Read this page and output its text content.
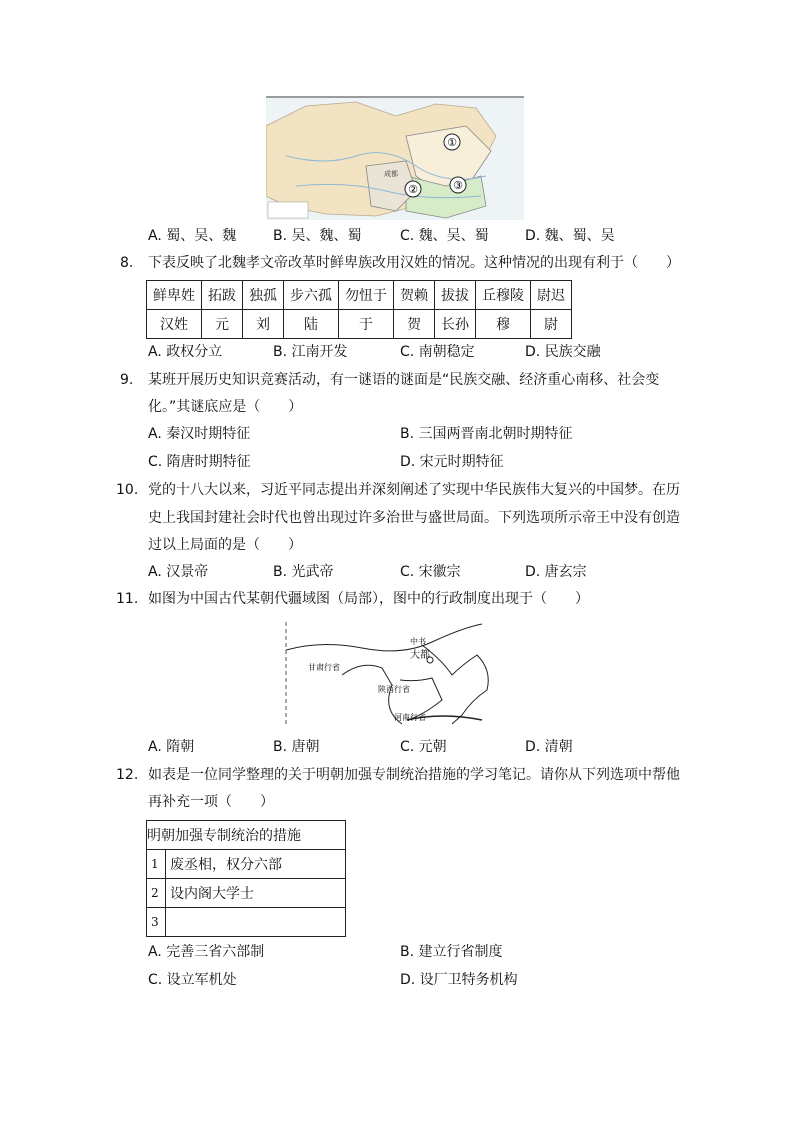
①
②	③
成都
A. 蜀、吴、魏	B. 吴、魏、蜀	C. 魏、吴、蜀	D. 魏、蜀、吴
8. 下表反映了北魏孝文帝改革时鲜卑族改用汉姓的情况。这种情况的出现有利于（　　）
鲜卑姓	拓跋	独孤	步六孤	勿忸于	贺赖	拔拔	丘穆陵	尉迟
汉姓	元	刘	陆	于	贺	长孙	穆	尉
A. 政权分立	B. 江南开发	C. 南朝稳定	D. 民族交融
9. 某班开展历史知识竞赛活动，有一谜语的谜面是“民族交融、经济重心南移、社会变
化。”其谜底应是（　　）
A. 秦汉时期特征	B. 三国两晋南北朝时期特征
C. 隋唐时期特征	D. 宋元时期特征
10. 党的十八大以来，习近平同志提出并深刻阐述了实现中华民族伟大复兴的中国梦。在历
史上我国封建社会时代也曾出现过许多治世与盛世局面。下列选项所示帝王中没有创造
过以上局面的是（　　）
A. 汉景帝	B. 光武帝	C. 宋徽宗	D. 唐玄宗
11. 如图为中国古代某朝代疆域图（局部），图中的行政制度出现于（　　）
大都
中书
甘肃行省
陕西行省
河南行省
A. 隋朝	B. 唐朝	C. 元朝	D. 清朝
12. 如表是一位同学整理的关于明朝加强专制统治措施的学习笔记。请你从下列选项中帮他
再补充一项（　　）
明朝加强专制统治的措施	
1	废丞相，权分六部
2	设内阁大学士
3	
A. 完善三省六部制	B. 建立行省制度
C. 设立军机处	D. 设厂卫特务机构
